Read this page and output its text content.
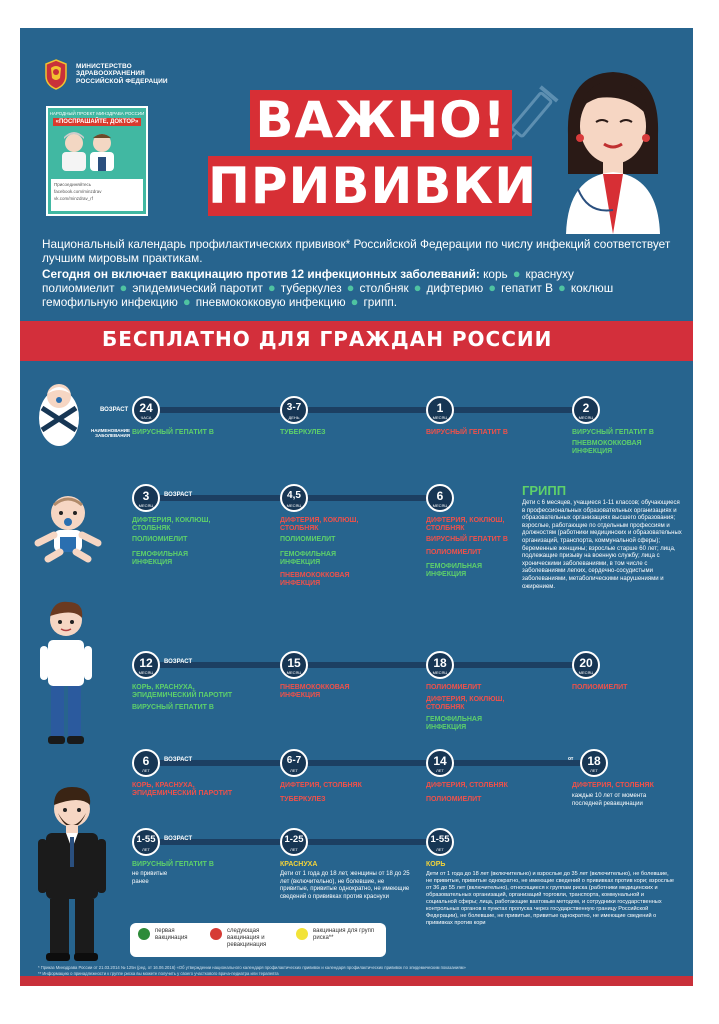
МИНИСТЕРСТВО
ЗДРАВООХРАНЕНИЯ
РОССИЙСКОЙ ФЕДЕРАЦИИ
НАРОДНЫЙ ПРОЕКТ МИНЗДРАВА РОССИИ
«ПОСПРАШАЙТЕ, ДОКТОР»
Присоединяйтесь
facebook.com/minzdrav
vk.com/minzdrav_rf
ВАЖНО!
ПРИВИВКИ

Национальный календарь профилактических прививок* Российской Федерации по числу инфекций соответствует лучшим мировым практикам.

Сегодня он включает вакцинацию против 12 инфекционных заболеваний: корь ● краснуху
полиомиелит ● эпидемический паротит ● туберкулез ● столбняк ● дифтерию ● гепатит В ● коклюш
гемофильную инфекцию ● пневмококковую инфекцию ● грипп.

БЕСПЛАТНО ДЛЯ ГРАЖДАН РОССИИ
ВОЗРАСТ
НАИМЕНОВАНИЕ ЗАБОЛЕВАНИЯ
24
ЧАСА
ВИРУСНЫЙ ГЕПАТИТ В
3-7
ДЕНЬ
ТУБЕРКУЛЕЗ
1
МЕСЯЦ
ВИРУСНЫЙ ГЕПАТИТ В
2
МЕСЯЦ
ВИРУСНЫЙ ГЕПАТИТ В
ПНЕВМОКОККОВАЯ ИНФЕКЦИЯ
ВОЗРАСТ
3
МЕСЯЦ
ДИФТЕРИЯ, КОКЛЮШ, СТОЛБНЯК
ПОЛИОМИЕЛИТ
ГЕМОФИЛЬНАЯ ИНФЕКЦИЯ
4,5
МЕСЯЦ
ДИФТЕРИЯ, КОКЛЮШ, СТОЛБНЯК
ПОЛИОМИЕЛИТ
ГЕМОФИЛЬНАЯ ИНФЕКЦИЯ
ПНЕВМОКОККОВАЯ ИНФЕКЦИЯ
6
МЕСЯЦ
ДИФТЕРИЯ, КОКЛЮШ, СТОЛБНЯК
ВИРУСНЫЙ ГЕПАТИТ В
ПОЛИОМИЕЛИТ
ГЕМОФИЛЬНАЯ ИНФЕКЦИЯ
ГРИПП
Дети с 6 месяцев, учащиеся 1-11 классов; обучающиеся в профессиональных образовательных организациях и образовательных организациях высшего образования; взрослые, работающие по отдельным профессиям и должностям (работники медицинских и образовательных организаций, транспорта, коммунальной сферы); беременные женщины; взрослые старше 60 лет; лица, подлежащие призыву на военную службу; лица с хроническими заболеваниями, в том числе с заболеваниями легких, сердечно-сосудистыми заболеваниями, метаболическими нарушениями и ожирением.
ВОЗРАСТ
12
МЕСЯЦ
КОРЬ, КРАСНУХА, ЭПИДЕМИЧЕСКИЙ ПАРОТИТ
ВИРУСНЫЙ ГЕПАТИТ В
15
МЕСЯЦ
ПНЕВМОКОККОВАЯ ИНФЕКЦИЯ
18
МЕСЯЦ
ПОЛИОМИЕЛИТ
ДИФТЕРИЯ, КОКЛЮШ, СТОЛБНЯК
ГЕМОФИЛЬНАЯ ИНФЕКЦИЯ
20
МЕСЯЦ
ПОЛИОМИЕЛИТ
ВОЗРАСТ
6
ЛЕТ
КОРЬ, КРАСНУХА, ЭПИДЕМИЧЕСКИЙ ПАРОТИТ
6-7
ЛЕТ
ДИФТЕРИЯ, СТОЛБНЯК
ТУБЕРКУЛЕЗ
14
ЛЕТ
ДИФТЕРИЯ, СТОЛБНЯК
ПОЛИОМИЕЛИТ
от	18
ЛЕТ
ДИФТЕРИЯ, СТОЛБНЯК
каждые 10 лет от момента последней ревакцинации
ВОЗРАСТ
1-55
ЛЕТ
ВИРУСНЫЙ ГЕПАТИТ В
не привитые ранее
1-25
ЛЕТ
КРАСНУХА
Дети от 1 года до 18 лет, женщины от 18 до 25 лет (включительно), не болевшие, не привитые, привитые однократно, не имеющие сведений о прививках против краснухи
1-55
ЛЕТ
КОРЬ
Дети от 1 года до 18 лет (включительно) и взрослые до 35 лет (включительно), не болевшие, не привитые, привитые однократно, не имеющие сведений о прививках против кори; взрослые от 36 до 55 лет (включительно), относящиеся к группам риска (работники медицинских и образовательных организаций, организаций торговли, транспорта, коммунальной и социальной сферы; лица, работающие вахтовым методом, и сотрудники государственных контрольных органов в пунктах пропуска через государственную границу Российской Федерации), не болевшие, не привитые, привитые однократно, не имеющие сведений о прививках против кори
первая вакцинация
следующая вакцинация и ревакцинация
вакцинация для групп риска**
* Приказ Минздрава России от 21.03.2014 № 125н (ред. от 16.06.2016) «Об утверждении национального календаря профилактических прививок и календаря профилактических прививок по эпидемическим показаниям»
** Информацию о принадлежности к группе риска вы можете получить у своего участкового врача-педиатра или терапевта
